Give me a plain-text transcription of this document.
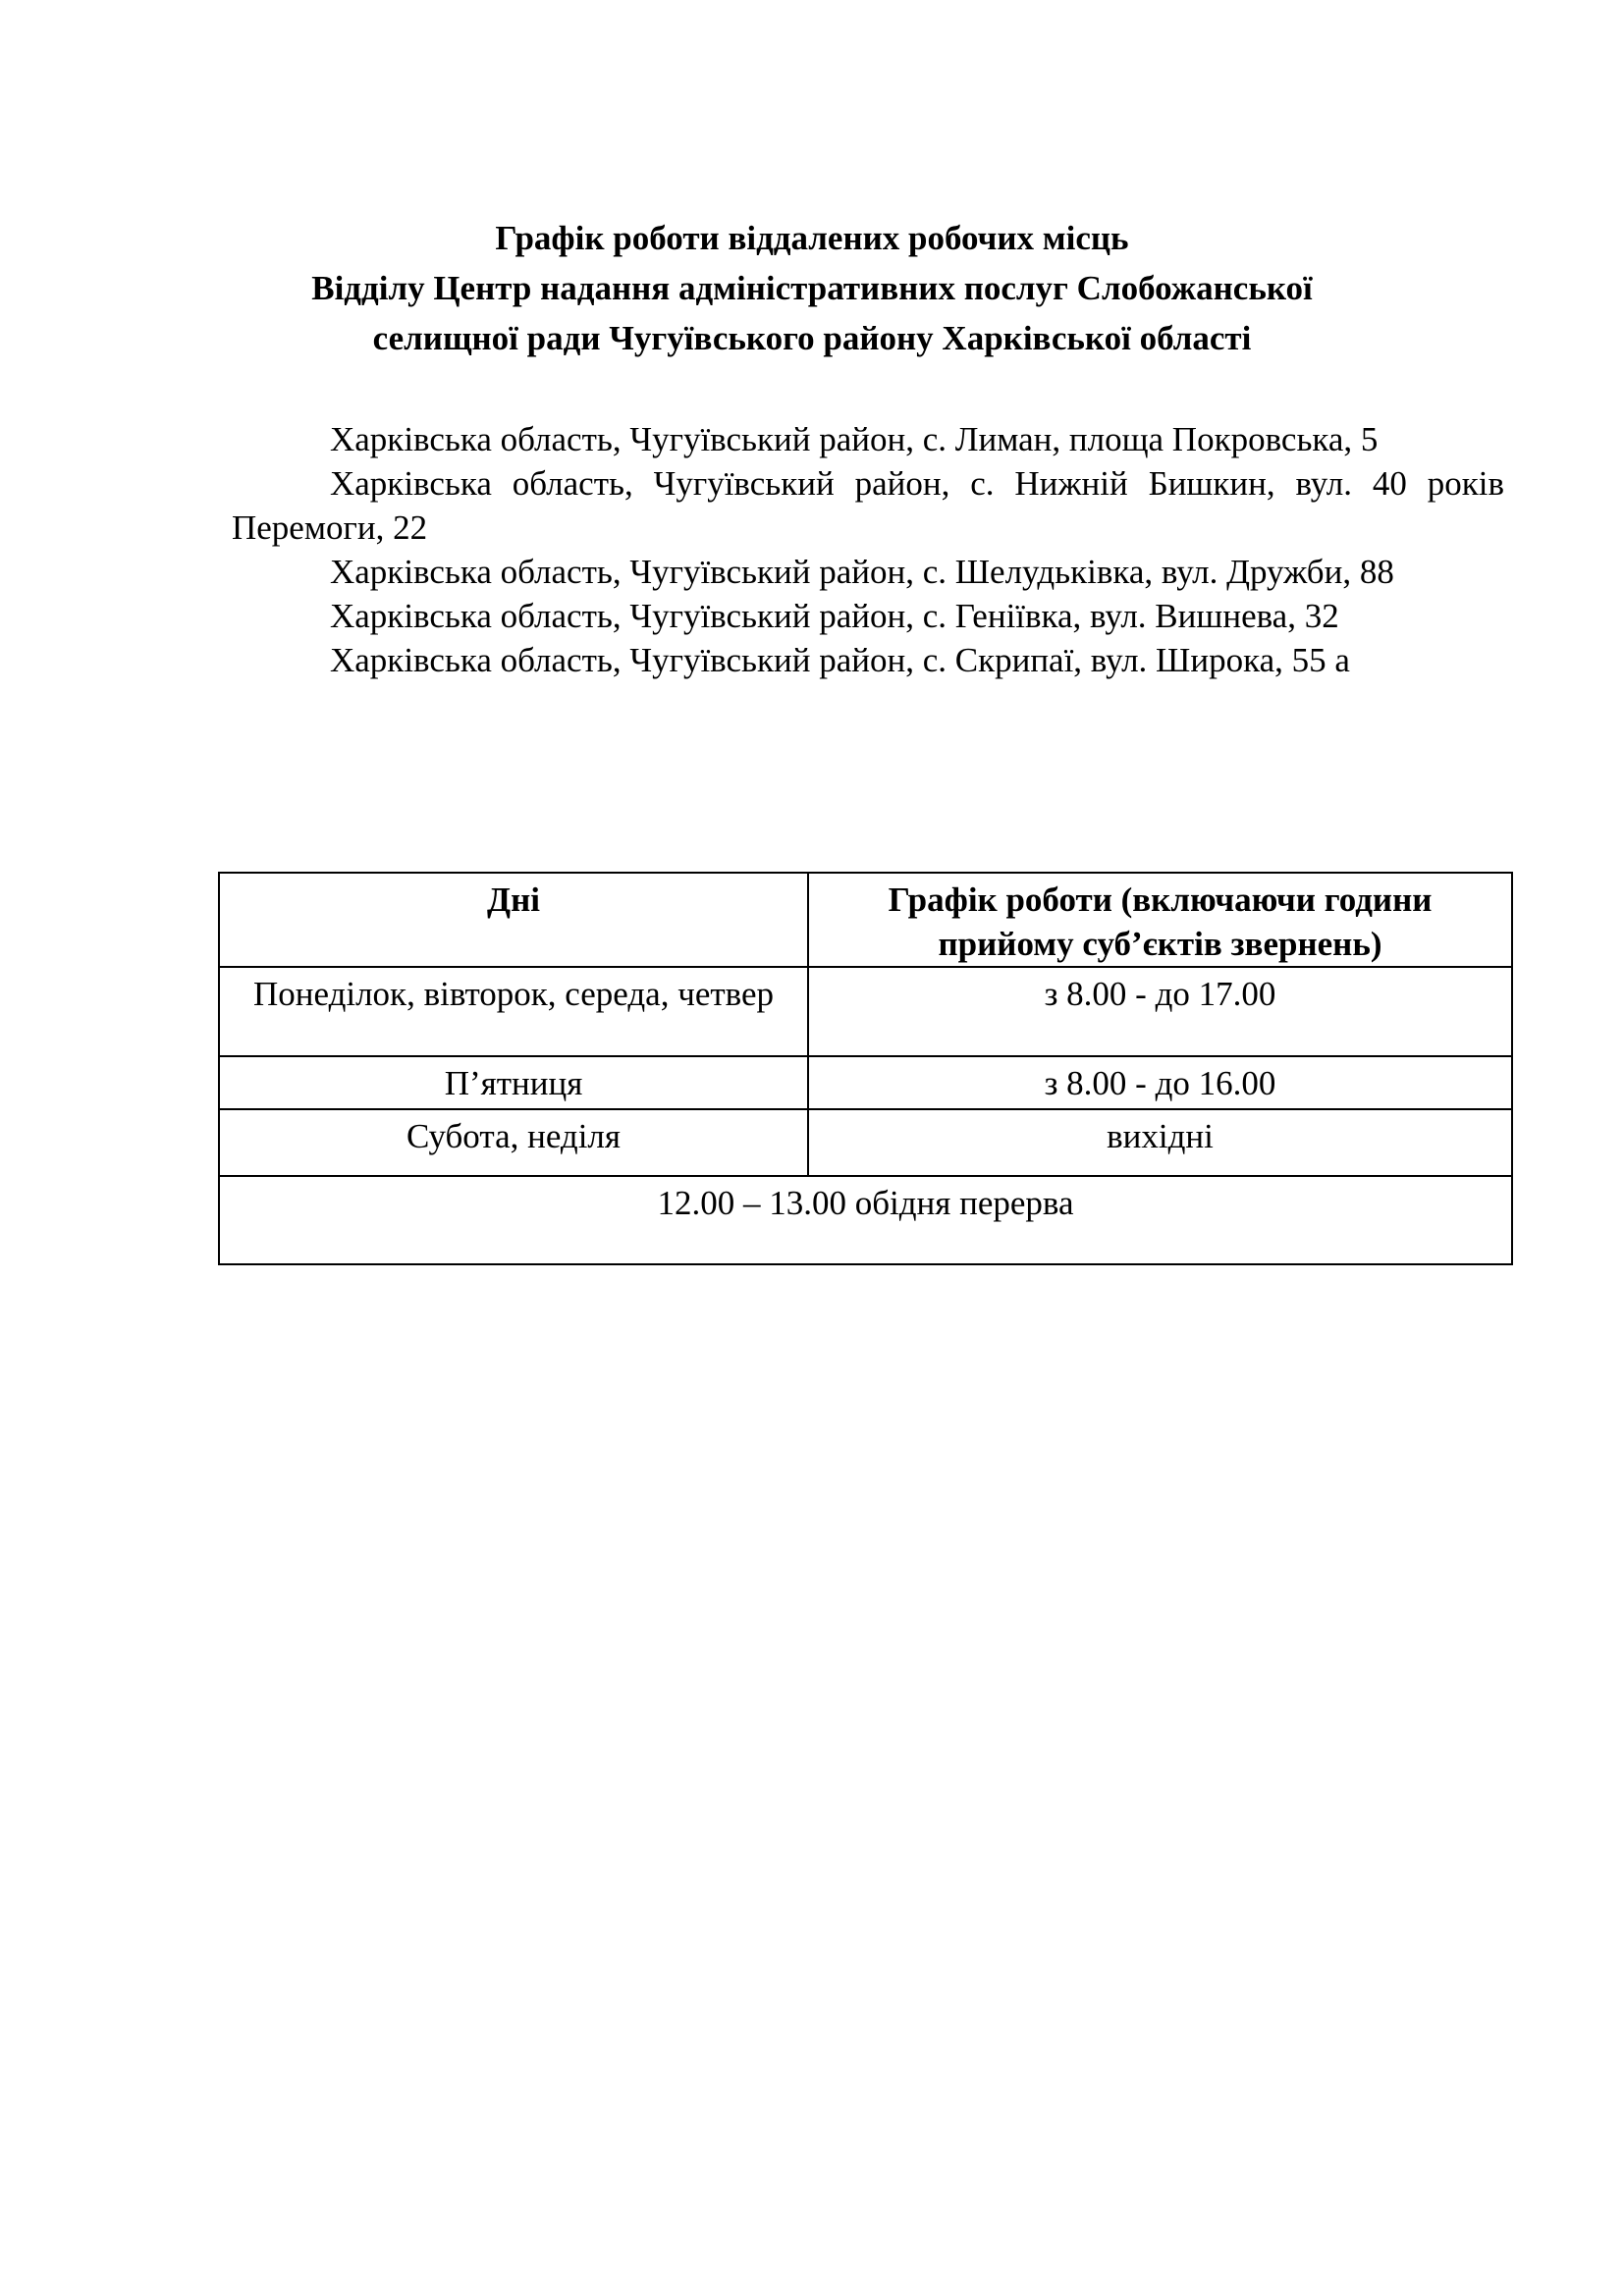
Графік роботи віддалених робочих місць
Відділу Центр надання адміністративних послуг Слобожанської
селищної ради Чугуївського району Харківської області
Харківська область, Чугуївський район, с. Лиман, площа Покровська, 5
Харківська область, Чугуївський район, с. Нижній Бишкин, вул. 40 років Перемоги, 22
Харківська область, Чугуївський район, с. Шелудьківка, вул. Дружби, 88
Харківська область, Чугуївський район, с. Геніївка, вул. Вишнева, 32
Харківська область, Чугуївський район, с. Скрипаї, вул. Широка, 55 а
Дні	Графік роботи (включаючи години прийому суб’єктів звернень)
Понеділок, вівторок, середа, четвер	з 8.00 - до 17.00
П’ятниця	з 8.00 - до 16.00
Субота, неділя	вихідні
12.00 – 13.00 обідня перерва	
